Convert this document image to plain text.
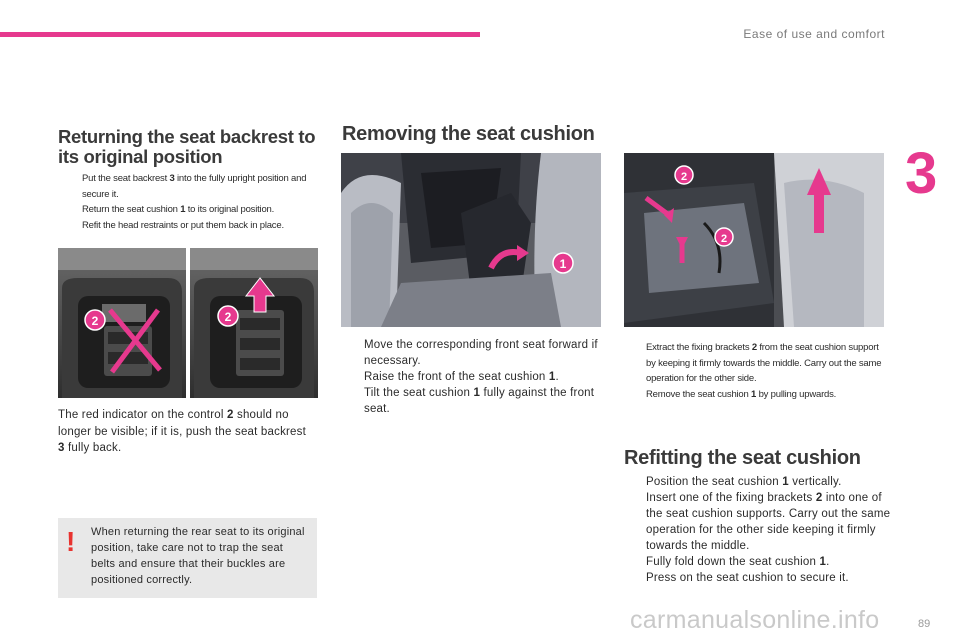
Ease of use and comfort
3
Returning the seat backrest to its original position
Put the seat backrest 3 into the fully upright position and secure it.
Return the seat cushion 1 to its original position.
Refit the head restraints or put them back in place.
2	2
The red indicator on the control 2 should no longer be visible; if it is, push the seat backrest 3 fully back.
! When returning the rear seat to its original position, take care not to trap the seat belts and ensure that their buckles are positioned correctly.
Removing the seat cushion
1
2
2
Move the corresponding front seat forward if necessary.
Raise the front of the seat cushion 1.
Tilt the seat cushion 1 fully against the front seat.
Extract the fixing brackets 2 from the seat cushion support by keeping it firmly towards the middle. Carry out the same operation for the other side.
Remove the seat cushion 1 by pulling upwards.
Refitting the seat cushion
Position the seat cushion 1 vertically.
Insert one of the fixing brackets 2 into one of the seat cushion supports. Carry out the same operation for the other side keeping it firmly towards the middle.
Fully fold down the seat cushion 1.
Press on the seat cushion to secure it.
carmanualsonline.info	89
